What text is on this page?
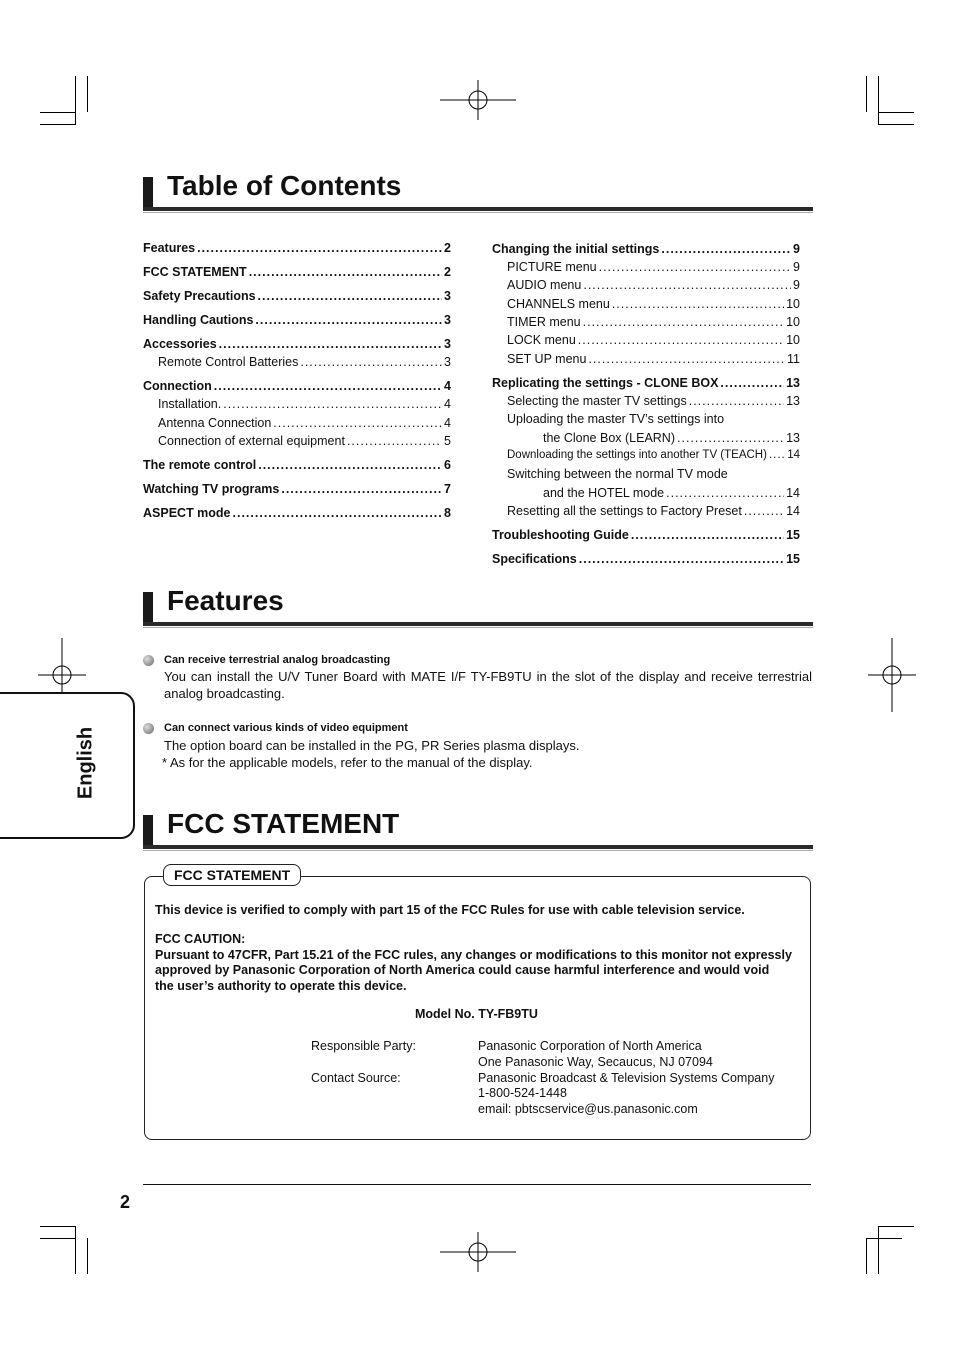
Table of Contents
Features .....	2
FCC STATEMENT .....	2
Safety Precautions .....	3
Handling Cautions .....	3
Accessories .....	3
Remote Control Batteries .....	3
Connection .....	4
Installation. .....	4
Antenna Connection .....	4
Connection of external equipment .....	5
The remote control .....	6
Watching TV programs .....	7
ASPECT mode .....	8
Changing the initial settings .....	9
PICTURE menu .....	9
AUDIO menu .....	9
CHANNELS menu .....	10
TIMER menu .....	10
LOCK menu .....	10
SET UP menu .....	11
Replicating the settings - CLONE BOX .....	13
Selecting the master TV settings .....	13
Uploading the master TV’s settings into
the Clone Box (LEARN) .....	13
Downloading the settings into another TV (TEACH) ..... 14
Switching between the normal TV mode
and the HOTEL mode .....	14
Resetting all the settings to Factory Preset .....	14
Troubleshooting Guide .....	15
Specifications .....	15
Features
Can receive terrestrial analog broadcasting
You can install the U/V Tuner Board with MATE I/F TY-FB9TU in the slot of the display and receive terrestrial analog broadcasting.
Can connect various kinds of video equipment
The option board can be installed in the PG, PR Series plasma displays.
* As for the applicable models, refer to the manual of the display.
English
FCC STATEMENT
FCC STATEMENT
This device is verified to comply with part 15 of the FCC Rules for use with cable television service.
FCC CAUTION:
Pursuant to 47CFR, Part 15.21 of the FCC rules, any changes or modifications to this monitor not expressly
approved by Panasonic Corporation of North America could cause harmful interference and would void
the user’s authority to operate this device.
Model No. TY-FB9TU
Responsible Party:	Panasonic Corporation of North America
One Panasonic Way, Secaucus, NJ 07094
Contact Source:	Panasonic Broadcast & Television Systems Company
1-800-524-1448
email: pbtscservice@us.panasonic.com
2
